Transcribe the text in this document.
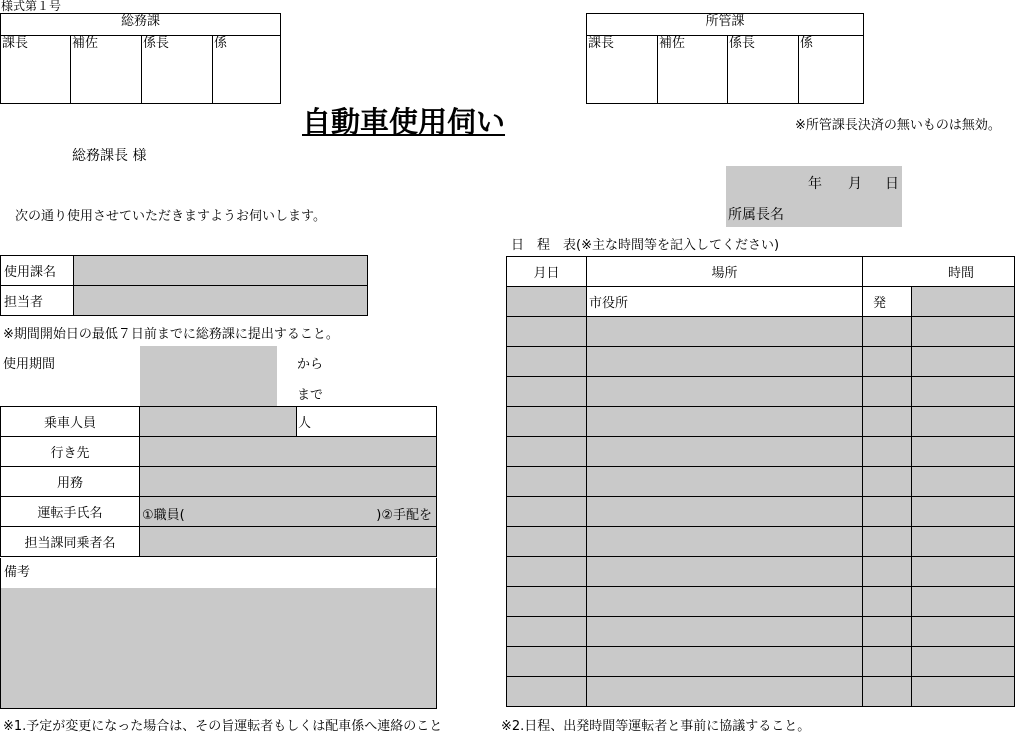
様式第１号
総務課
課長	補佐	係長	係
所管課
課長	補佐	係長	係
自動車使用伺い	※所管課長決済の無いものは無効。
総務課長 様
年 月 日
所属長名
次の通り使用させていただきますようお伺いします。
日　程　表(※主な時間等を記入してください)
使用課名	
担当者	
※期間開始日の最低７日前までに総務課に提出すること。
使用期間	から
まで
乗車人員		人
行き先		
用務		
運転手氏名	①職員( )②手配を	

担当課同乗者名		
備考
月日	場所	時間	
	市役所	発	

※1.予定が変更になった場合は、その旨運転者もしくは配車係へ連絡のこと	※2.日程、出発時間等運転者と事前に協議すること。
